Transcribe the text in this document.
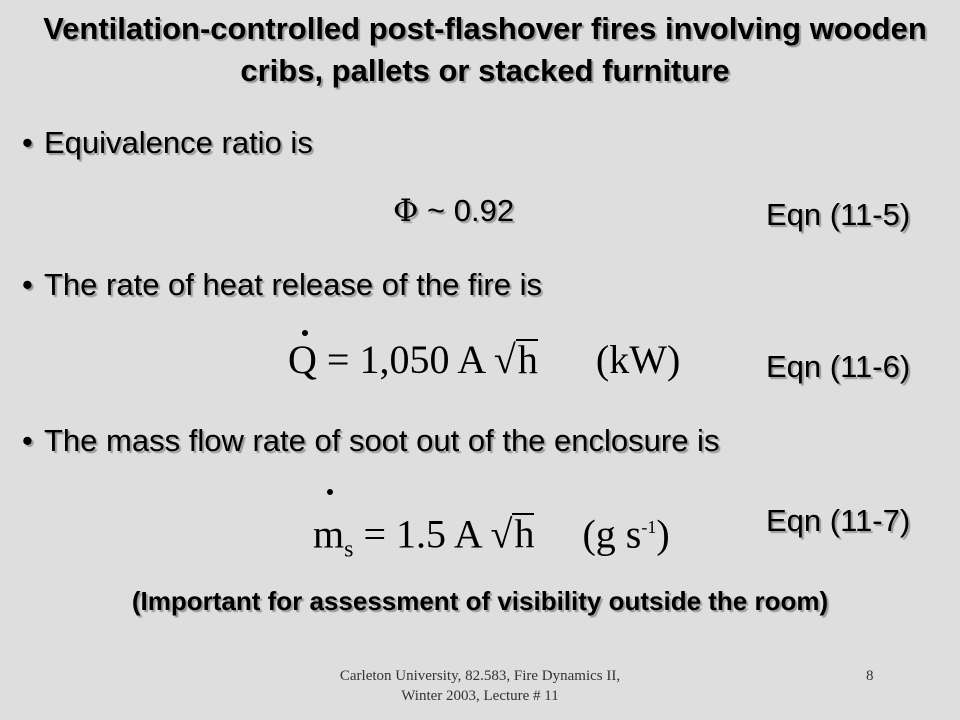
Ventilation-controlled post-flashover fires involving wooden cribs, pallets or stacked furniture
• Equivalence ratio is
Φ ~ 0.92	Eqn (11-5)
• The rate of heat release of the fire is
Q = 1,050 A √h (kW)	Eqn (11-6)
• The mass flow rate of soot out of the enclosure is
$m_s = 1.5$ A √h (g $s^{-1}$)	Eqn (11-7)
(Important for assessment of visibility outside the room)
Carleton University, 82.583, Fire Dynamics II, Winter 2003, Lecture # 11
8
